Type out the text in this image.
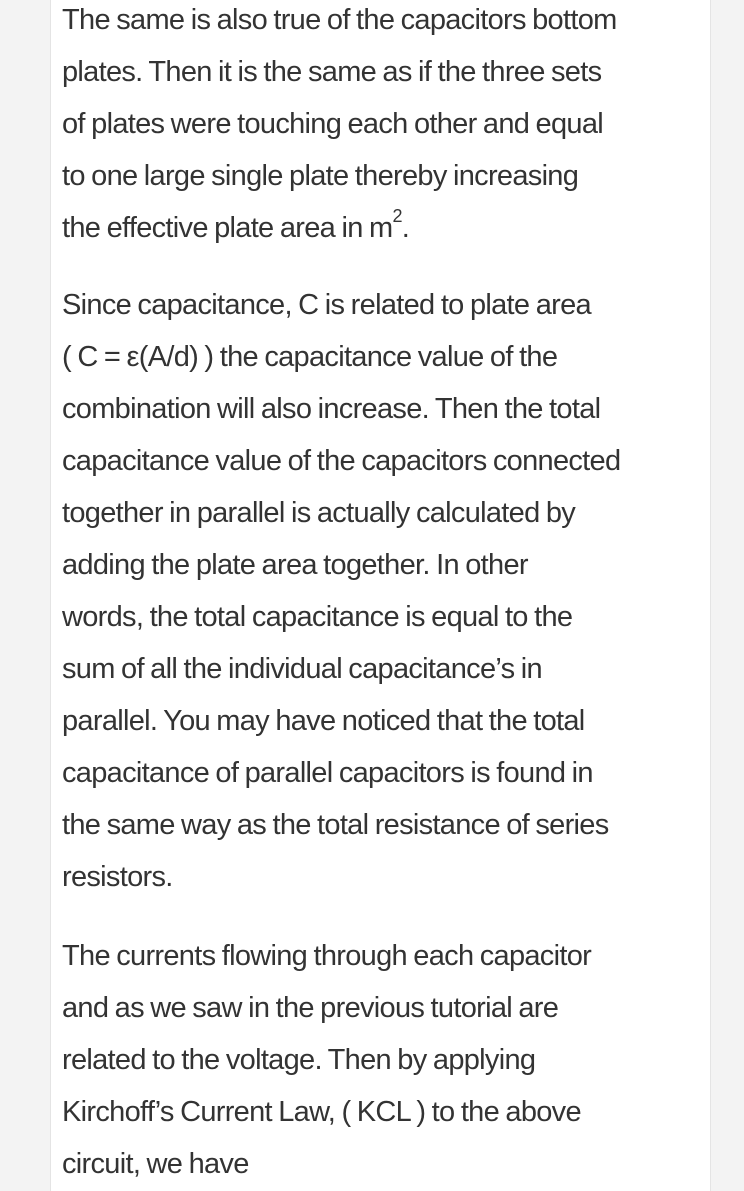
The same is also true of the capacitors bottom
plates. Then it is the same as if the three sets
of plates were touching each other and equal
to one large single plate thereby increasing
the effective plate area in $m^2$.

Since capacitance, C is related to plate area
( C = ε(A/d) ) the capacitance value of the
combination will also increase. Then the total
capacitance value of the capacitors connected
together in parallel is actually calculated by
adding the plate area together. In other
words, the total capacitance is equal to the
sum of all the individual capacitance’s in
parallel. You may have noticed that the total
capacitance of parallel capacitors is found in
the same way as the total resistance of series
resistors.

The currents flowing through each capacitor
and as we saw in the previous tutorial are
related to the voltage. Then by applying
Kirchoff’s Current Law, ( KCL ) to the above
circuit, we have
